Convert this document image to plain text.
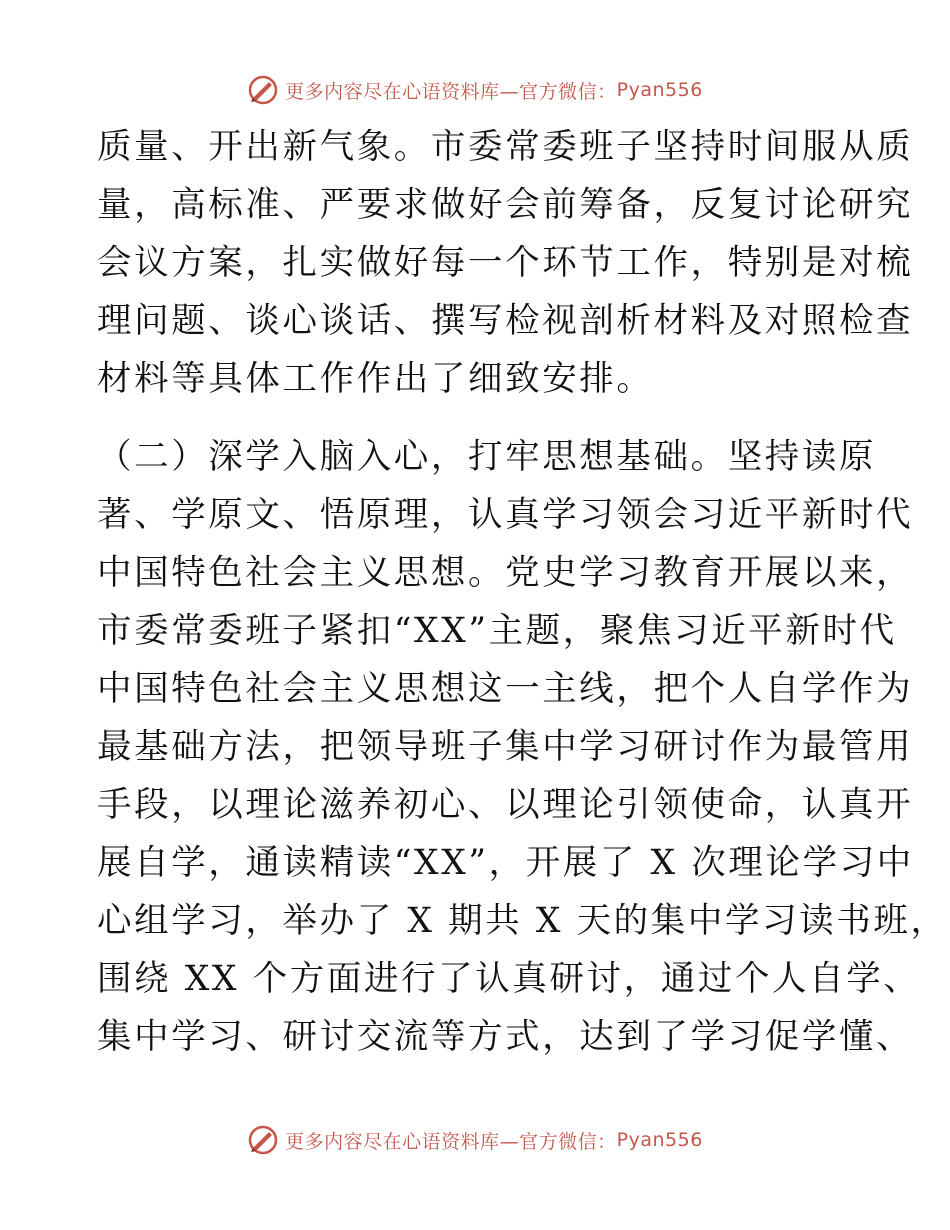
更多内容尽在心语资料库—官方微信： Pyan556
质量、开出新气象。市委常委班子坚持时间服从质
量，高标准、严要求做好会前筹备，反复讨论研究
会议方案，扎实做好每一个环节工作，特别是对梳
理问题、谈心谈话、撰写检视剖析材料及对照检查
材料等具体工作作出了细致安排。
（二）深学入脑入心，打牢思想基础。坚持读原
著、学原文、悟原理，认真学习领会习近平新时代
中国特色社会主义思想。党史学习教育开展以来，
市委常委班子紧扣“XX”主题，聚焦习近平新时代
中国特色社会主义思想这一主线，把个人自学作为
最基础方法，把领导班子集中学习研讨作为最管用
手段，以理论滋养初心、以理论引领使命，认真开
展自学，通读精读“XX”，开展了 X 次理论学习中
心组学习，举办了 X 期共 X 天的集中学习读书班，
围绕 XX 个方面进行了认真研讨，通过个人自学、
集中学习、研讨交流等方式，达到了学习促学懂、
更多内容尽在心语资料库—官方微信： Pyan556
